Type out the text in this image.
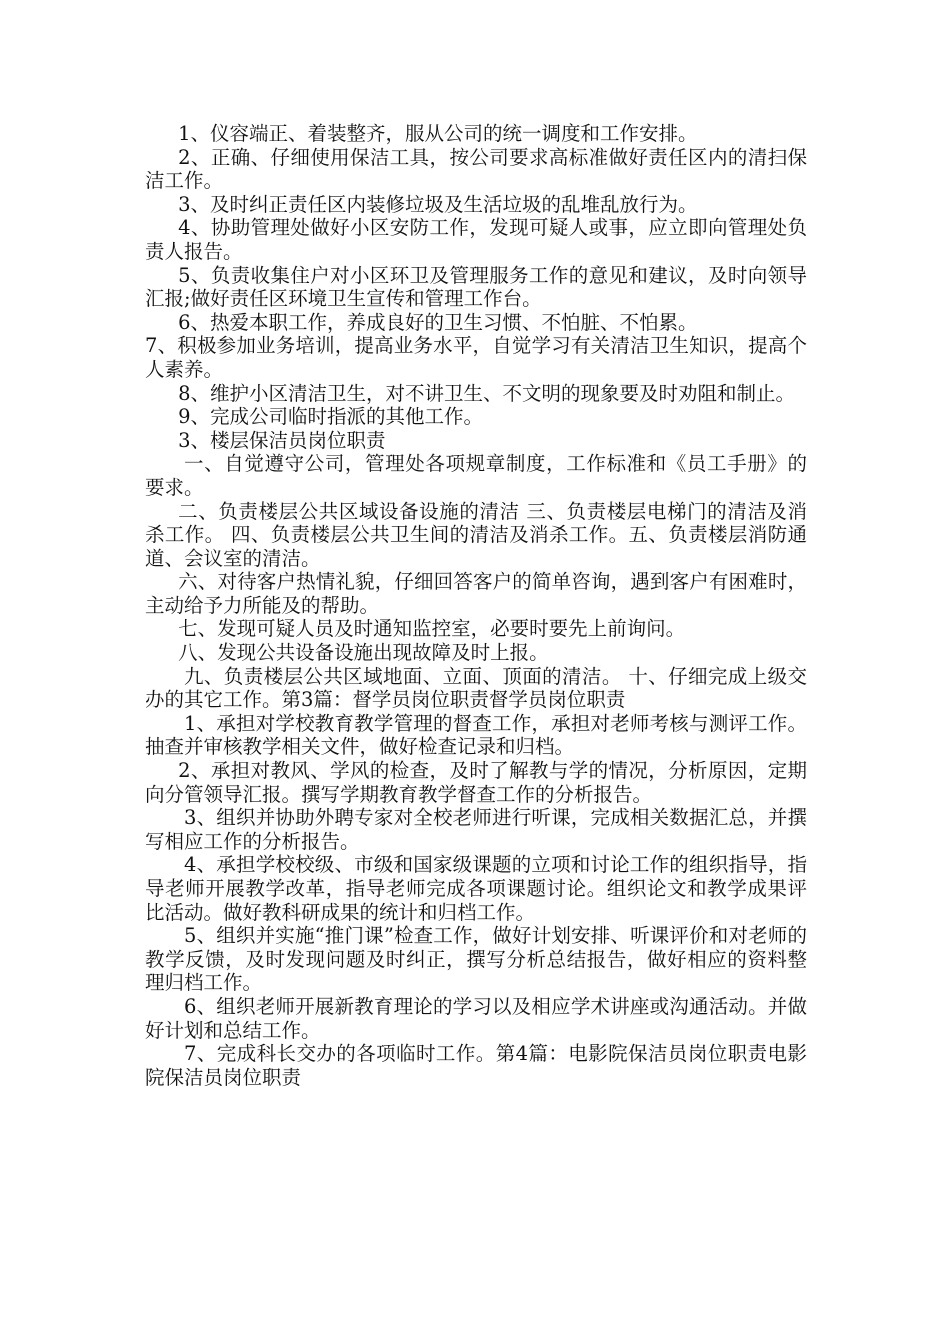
1、仪容端正、着装整齐，服从公司的统一调度和工作安排。

2、正确、仔细使用保洁工具，按公司要求高标准做好责任区内的清扫保洁工作。

3、及时纠正责任区内装修垃圾及生活垃圾的乱堆乱放行为。

4、协助管理处做好小区安防工作，发现可疑人或事，应立即向管理处负责人报告。

5、负责收集住户对小区环卫及管理服务工作的意见和建议，及时向领导汇报;做好责任区环境卫生宣传和管理工作台。

6、热爱本职工作，养成良好的卫生习惯、不怕脏、不怕累。

7、积极参加业务培训，提高业务水平，自觉学习有关清洁卫生知识，提高个人素养。

8、维护小区清洁卫生，对不讲卫生、不文明的现象要及时劝阻和制止。

9、完成公司临时指派的其他工作。

3、楼层保洁员岗位职责

一、自觉遵守公司，管理处各项规章制度，工作标准和《员工手册》的要求。

二、负责楼层公共区域设备设施的清洁 三、负责楼层电梯门的清洁及消杀工作。 四、负责楼层公共卫生间的清洁及消杀工作。五、负责楼层消防通道、会议室的清洁。

六、对待客户热情礼貌，仔细回答客户的简单咨询，遇到客户有困难时，主动给予力所能及的帮助。

七、发现可疑人员及时通知监控室，必要时要先上前询问。

八、发现公共设备设施出现故障及时上报。

九、负责楼层公共区域地面、立面、顶面的清洁。 十、仔细完成上级交办的其它工作。第3篇：督学员岗位职责督学员岗位职责

1、承担对学校教育教学管理的督查工作，承担对老师考核与测评工作。抽查并审核教学相关文件，做好检查记录和归档。

2、承担对教风、学风的检查，及时了解教与学的情况，分析原因，定期向分管领导汇报。撰写学期教育教学督查工作的分析报告。

3、组织并协助外聘专家对全校老师进行听课，完成相关数据汇总，并撰写相应工作的分析报告。

4、承担学校校级、市级和国家级课题的立项和讨论工作的组织指导，指导老师开展教学改革，指导老师完成各项课题讨论。组织论文和教学成果评比活动。做好教科研成果的统计和归档工作。

5、组织并实施“推门课”检查工作，做好计划安排、听课评价和对老师的教学反馈，及时发现问题及时纠正，撰写分析总结报告，做好相应的资料整理归档工作。

6、组织老师开展新教育理论的学习以及相应学术讲座或沟通活动。并做好计划和总结工作。

7、完成科长交办的各项临时工作。第4篇：电影院保洁员岗位职责电影院保洁员岗位职责
